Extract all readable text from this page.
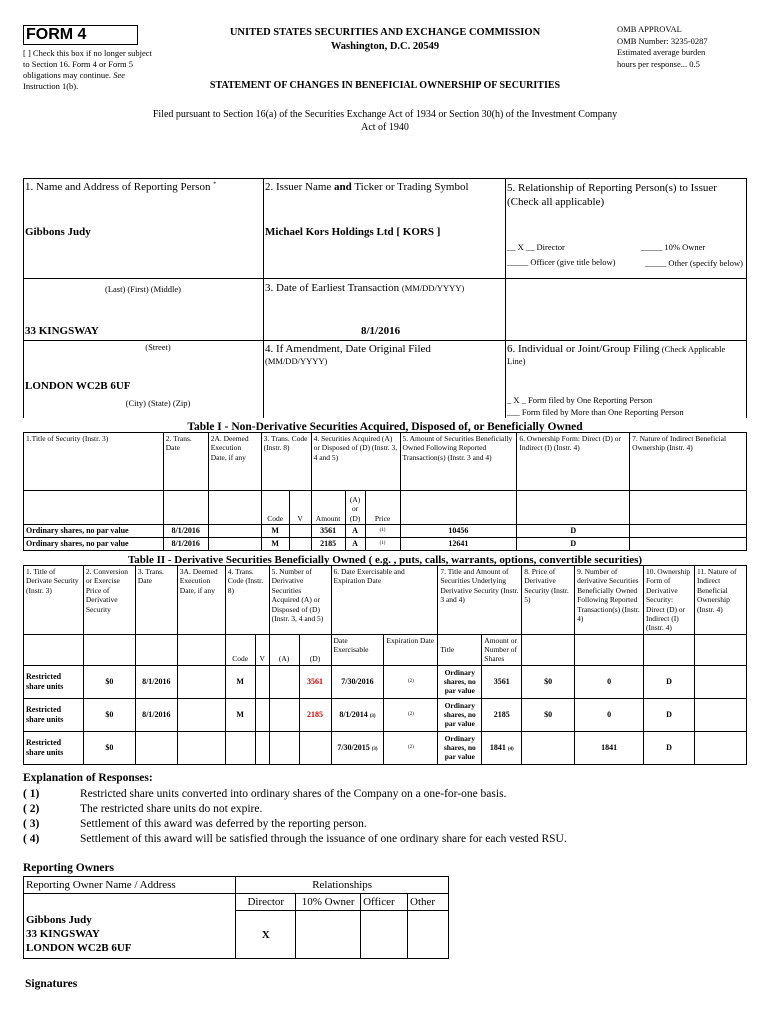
FORM 4
[ ] Check this box if no longer subject to Section 16. Form 4 or Form 5 obligations may continue. See Instruction 1(b).
UNITED STATES SECURITIES AND EXCHANGE COMMISSION
Washington, D.C. 20549
STATEMENT OF CHANGES IN BENEFICIAL OWNERSHIP OF SECURITIES
OMB APPROVAL
OMB Number: 3235-0287
Estimated average burden
hours per response... 0.5
Filed pursuant to Section 16(a) of the Securities Exchange Act of 1934 or Section 30(h) of the Investment Company Act of 1940
1. Name and Address of Reporting Person *
Gibbons Judy
(Last) (First) (Middle)
33 KINGSWAY
(Street)
LONDON WC2B 6UF
(City) (State) (Zip)
2. Issuer Name and Ticker or Trading Symbol
Michael Kors Holdings Ltd [ KORS ]
3. Date of Earliest Transaction (MM/DD/YYYY)
8/1/2016
4. If Amendment, Date Original Filed
(MM/DD/YYYY)
5. Relationship of Reporting Person(s) to Issuer
(Check all applicable)
__ X __ Director	_____ 10% Owner
_____ Officer (give title below)	_____ Other (specify below)
6. Individual or Joint/Group Filing (Check Applicable Line)
_ X _ Form filed by One Reporting Person
___ Form filed by More than One Reporting Person
Table I - Non-Derivative Securities Acquired, Disposed of, or Beneficially Owned
1.Title of Security (Instr. 3)	2. Trans. Date	2A. Deemed Execution Date, if any	3. Trans. Code (Instr. 8)		4. Securities Acquired (A) or Disposed of (D) (Instr. 3, 4 and 5)			5. Amount of Securities Beneficially Owned Following Reported Transaction(s) (Instr. 3 and 4)	6. Ownership Form: Direct (D) or Indirect (I) (Instr. 4)	7. Nature of Indirect Beneficial Ownership (Instr. 4)
			Code	V	Amount	(A) or (D)	Price			
Ordinary shares, no par value	8/1/2016		M		3561	A	(1)	10456	D	
Ordinary shares, no par value	8/1/2016		M		2185	A	(1)	12641	D	
Table II - Derivative Securities Beneficially Owned ( e.g. , puts, calls, warrants, options, convertible securities)
1. Title of Derivate Security (Instr. 3)	2. Conversion or Exercise Price of Derivative Security	3. Trans. Date	3A. Deemed Execution Date, if any	4. Trans. Code (Instr. 8)		5. Number of Derivative Securities Acquired (A) or Disposed of (D) (Instr. 3, 4 and 5)		6. Date Exercisable and Expiration Date		7. Title and Amount of Securities Underlying Derivative Security (Instr. 3 and 4)		8. Price of Derivative Security (Instr. 5)	9. Number of derivative Securities Beneficially Owned Following Reported Transaction(s) (Instr. 4)	10. Ownership Form of Derivative Security: Direct (D) or Indirect (I) (Instr. 4)	11. Nature of Indirect Beneficial Ownership (Instr. 4)
				Code	V	(A)	(D)	Date Exercisable	Expiration Date	Title	Amount or Number of Shares				
Restricted share units	$0	8/1/2016		M			3561	7/30/2016	(2)	Ordinary shares, no par value	3561	$0	0	D	
Restricted share units	$0	8/1/2016		M			2185	8/1/2014 (3)	(2)	Ordinary shares, no par value	2185	$0	0	D	
Restricted share units	$0							7/30/2015 (3)	(2)	Ordinary shares, no par value	1841 (4)		1841	D	
Explanation of Responses:
( 1)	Restricted share units converted into ordinary shares of the Company on a one-for-one basis.
( 2)	The restricted share units do not expire.
( 3)	Settlement of this award was deferred by the reporting person.
( 4)	Settlement of this award will be satisfied through the issuance of one ordinary share for each vested RSU.
Reporting Owners
Reporting Owner Name / Address	Relationships			
	Director	10% Owner	Officer	Other

Gibbons Judy
33 KINGSWAY
LONDON WC2B 6UF	X			
Signatures
